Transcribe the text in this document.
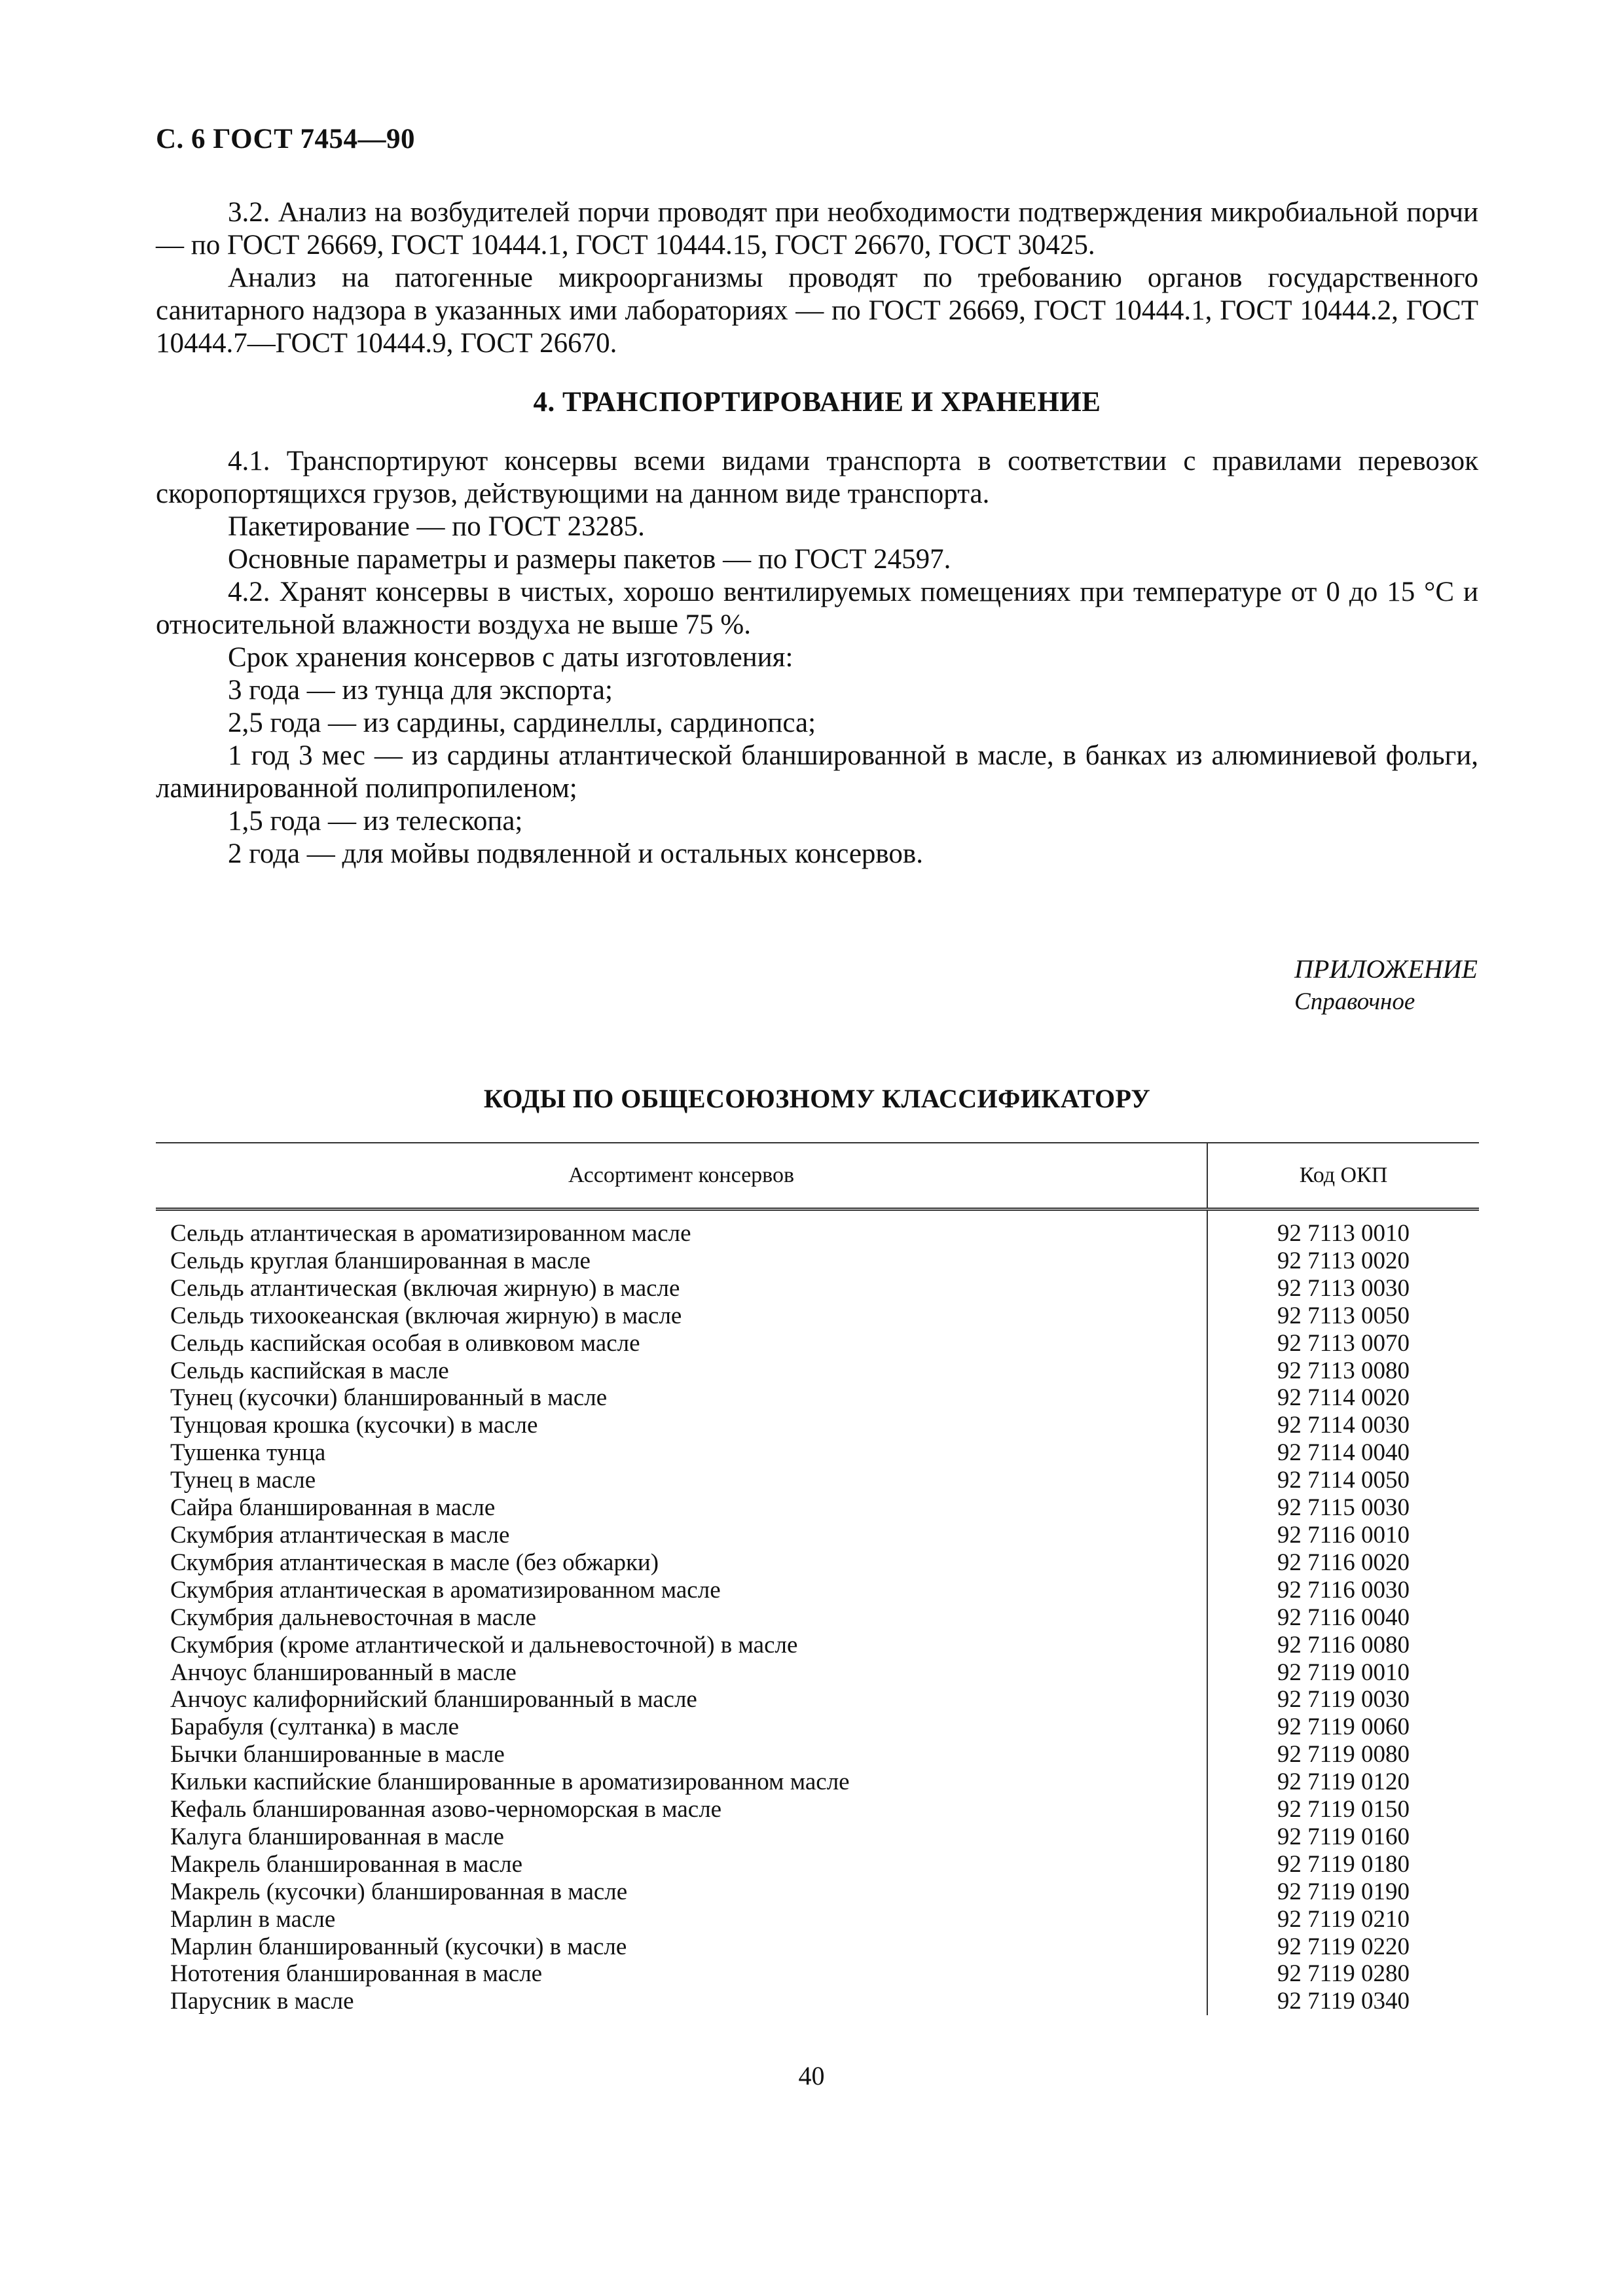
С. 6 ГОСТ 7454—90

3.2. Анализ на возбудителей порчи проводят при необходимости подтверждения микробиальной порчи — по ГОСТ 26669, ГОСТ 10444.1, ГОСТ 10444.15, ГОСТ 26670, ГОСТ 30425.

Анализ на патогенные микроорганизмы проводят по требованию органов государственного санитарного надзора в указанных ими лабораториях — по ГОСТ 26669, ГОСТ 10444.1, ГОСТ 10444.2, ГОСТ 10444.7—ГОСТ 10444.9, ГОСТ 26670.

4. ТРАНСПОРТИРОВАНИЕ И ХРАНЕНИЕ

4.1. Транспортируют консервы всеми видами транспорта в соответствии с правилами перевозок скоропортящихся грузов, действующими на данном виде транспорта.

Пакетирование — по ГОСТ 23285.

Основные параметры и размеры пакетов — по ГОСТ 24597.

4.2. Хранят консервы в чистых, хорошо вентилируемых помещениях при температуре от 0 до 15 °С и относительной влажности воздуха не выше 75 %.

Срок хранения консервов с даты изготовления:

3 года — из тунца для экспорта;

2,5 года — из сардины, сардинеллы, сардинопса;

1 год 3 мес — из сардины атлантической бланшированной в масле, в банках из алюминиевой фольги, ламинированной полипропиленом;

1,5 года — из телескопа;

2 года — для мойвы подвяленной и остальных консервов.

ПРИЛОЖЕНИЕ
Справочное
КОДЫ ПО ОБЩЕСОЮЗНОМУ КЛАССИФИКАТОРУ
Ассортимент консервов	Код ОКП
Сельдь атлантическая в ароматизированном масле	92 7113 0010
Сельдь круглая бланшированная в масле	92 7113 0020
Сельдь атлантическая (включая жирную) в масле	92 7113 0030
Сельдь тихоокеанская (включая жирную) в масле	92 7113 0050
Сельдь каспийская особая в оливковом масле	92 7113 0070
Сельдь каспийская в масле	92 7113 0080
Тунец (кусочки) бланшированный в масле	92 7114 0020
Тунцовая крошка (кусочки) в масле	92 7114 0030
Тушенка тунца	92 7114 0040
Тунец в масле	92 7114 0050
Сайра бланшированная в масле	92 7115 0030
Скумбрия атлантическая в масле	92 7116 0010
Скумбрия атлантическая в масле (без обжарки)	92 7116 0020
Скумбрия атлантическая в ароматизированном масле	92 7116 0030
Скумбрия дальневосточная в масле	92 7116 0040
Скумбрия (кроме атлантической и дальневосточной) в масле	92 7116 0080
Анчоус бланшированный в масле	92 7119 0010
Анчоус калифорнийский бланшированный в масле	92 7119 0030
Барабуля (султанка) в масле	92 7119 0060
Бычки бланшированные в масле	92 7119 0080
Кильки каспийские бланшированные в ароматизированном масле	92 7119 0120
Кефаль бланшированная азово-черноморская в масле	92 7119 0150
Калуга бланшированная в масле	92 7119 0160
Макрель бланшированная в масле	92 7119 0180
Макрель (кусочки) бланшированная в масле	92 7119 0190
Марлин в масле	92 7119 0210
Марлин бланшированный (кусочки) в масле	92 7119 0220
Нототения бланшированная в масле	92 7119 0280
Парусник в масле	92 7119 0340
40
